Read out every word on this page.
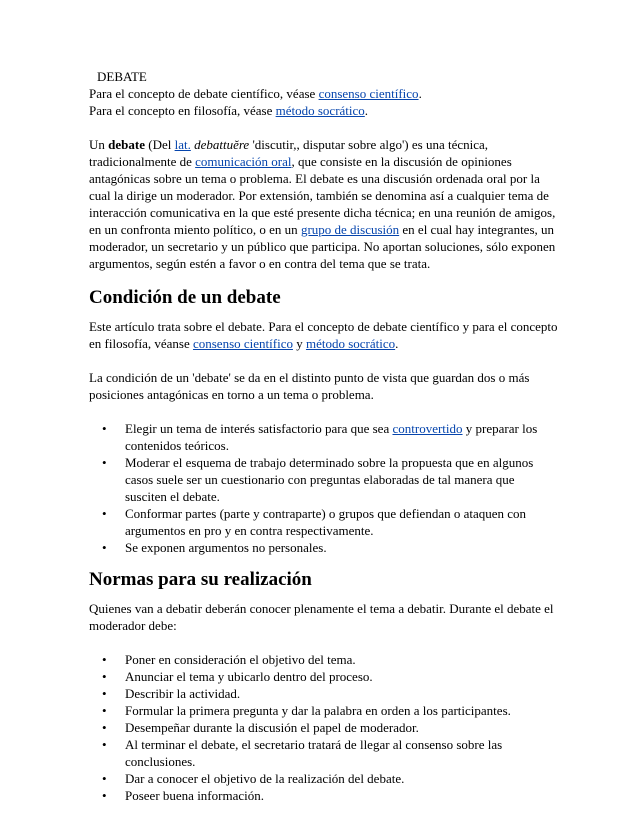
DEBATE

Para el concepto de debate científico, véase consenso científico.

Para el concepto en filosofía, véase método socrático.

Un debate (Del lat. debattuĕre 'discutir,, disputar sobre algo') es una técnica, tradicionalmente de comunicación oral, que consiste en la discusión de opiniones antagónicas sobre un tema o problema. El debate es una discusión ordenada oral por la cual la dirige un moderador. Por extensión, también se denomina así a cualquier tema de interacción comunicativa en la que esté presente dicha técnica; en una reunión de amigos, en un confronta miento político, o en un grupo de discusión en el cual hay integrantes, un moderador, un secretario y un público que participa. No aportan soluciones, sólo exponen argumentos, según estén a favor o en contra del tema que se trata.

Condición de un debate

Este artículo trata sobre el debate. Para el concepto de debate científico y para el concepto en filosofía, véanse consenso científico y método socrático.

La condición de un 'debate' se da en el distinto punto de vista que guardan dos o más posiciones antagónicas en torno a un tema o problema.

• Elegir un tema de interés satisfactorio para que sea controvertido y preparar los contenidos teóricos.
• Moderar el esquema de trabajo determinado sobre la propuesta que en algunos casos suele ser un cuestionario con preguntas elaboradas de tal manera que susciten el debate.
• Conformar partes (parte y contraparte) o grupos que defiendan o ataquen con argumentos en pro y en contra respectivamente.
• Se exponen argumentos no personales.
Normas para su realización

Quienes van a debatir deberán conocer plenamente el tema a debatir. Durante el debate el moderador debe:

• Poner en consideración el objetivo del tema.
• Anunciar el tema y ubicarlo dentro del proceso.
• Describir la actividad.
• Formular la primera pregunta y dar la palabra en orden a los participantes.
• Desempeñar durante la discusión el papel de moderador.
• Al terminar el debate, el secretario tratará de llegar al consenso sobre las conclusiones.
• Dar a conocer el objetivo de la realización del debate.
• Poseer buena información.
